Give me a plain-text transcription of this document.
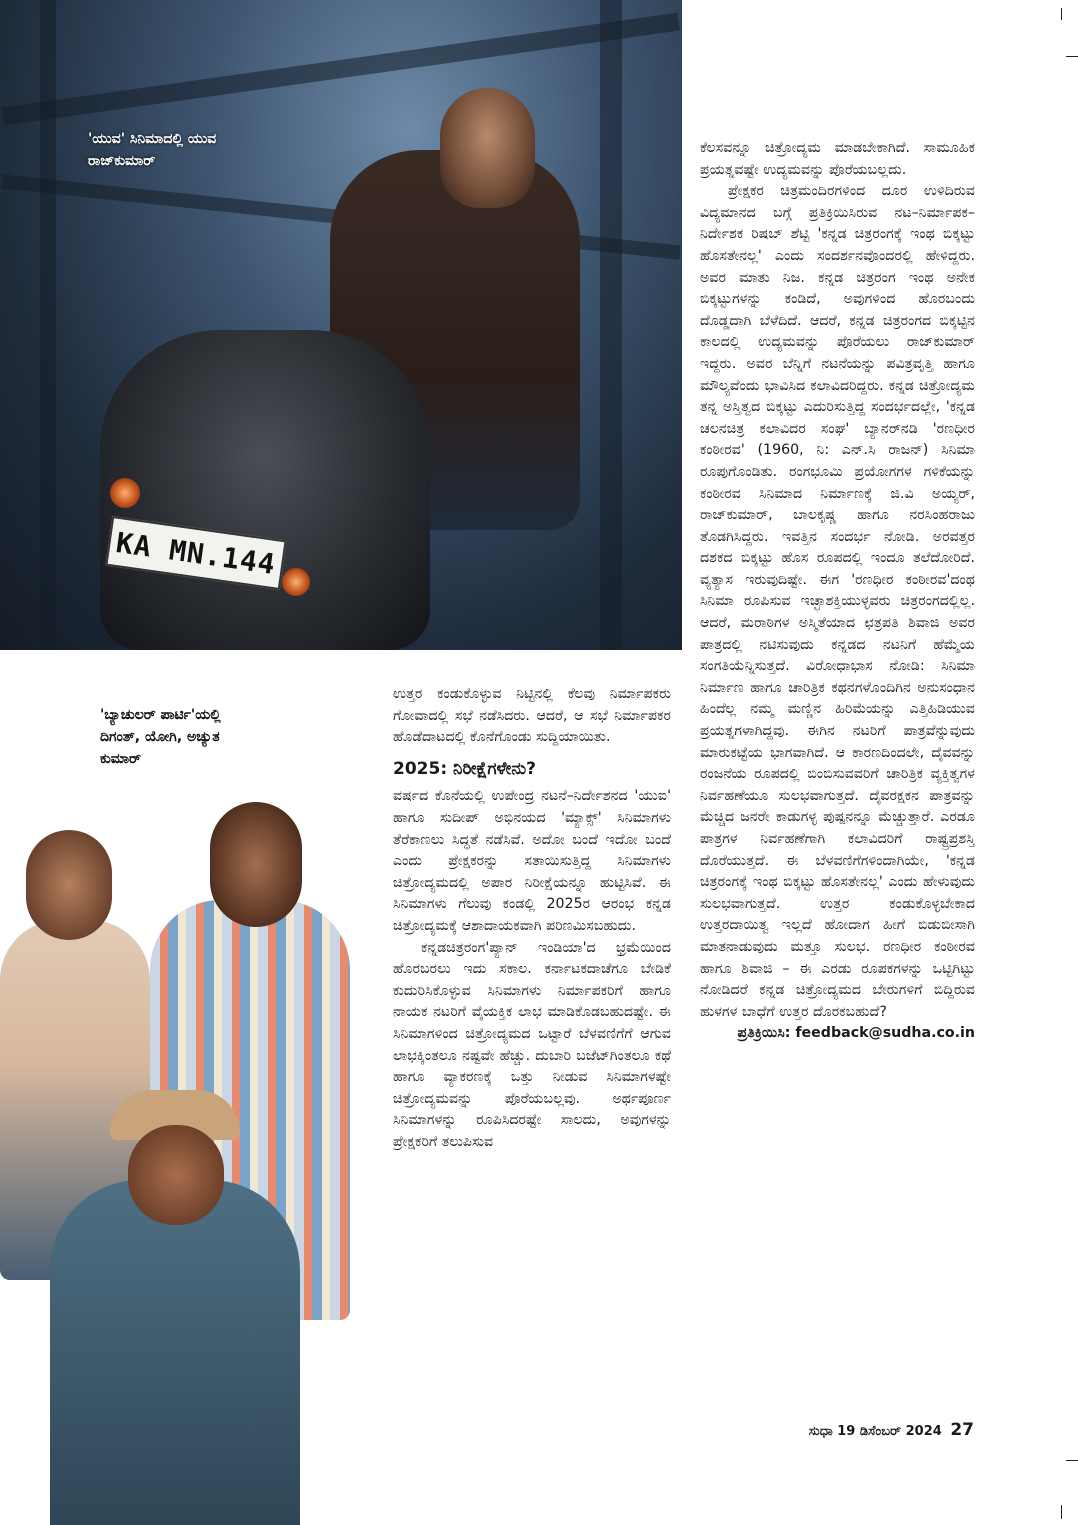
KA MN.144
'ಯುವ' ಸಿನಿಮಾದಲ್ಲಿ ಯುವ ರಾಜ್‌ಕುಮಾರ್
'ಬ್ಯಾಚುಲರ್ ಪಾರ್ಟಿ'ಯಲ್ಲಿ ದಿಗಂತ್, ಯೋಗಿ, ಅಚ್ಯುತ ಕುಮಾರ್

ಕೆಲಸವನ್ನೂ ಚಿತ್ರೋದ್ಯಮ ಮಾಡಬೇಕಾಗಿದೆ. ಸಾಮೂಹಿಕ ಪ್ರಯತ್ನವಷ್ಟೇ ಉದ್ಯಮವನ್ನು ಪೊರೆಯಬಲ್ಲದು.

ಪ್ರೇಕ್ಷಕರ ಚಿತ್ರಮಂದಿರಗಳಿಂದ ದೂರ ಉಳಿದಿರುವ ವಿದ್ಯಮಾನದ ಬಗ್ಗೆ ಪ್ರತಿಕ್ರಿಯಿಸಿರುವ ನಟ–ನಿರ್ಮಾಪಕ–ನಿರ್ದೇಶಕ ರಿಷಬ್ ಶೆಟ್ಟಿ 'ಕನ್ನಡ ಚಿತ್ರರಂಗಕ್ಕೆ ಇಂಥ ಬಿಕ್ಕಟ್ಟು ಹೊಸತೇನಲ್ಲ' ಎಂದು ಸಂದರ್ಶನವೊಂದರಲ್ಲಿ ಹೇಳಿದ್ದರು. ಅವರ ಮಾತು ನಿಜ. ಕನ್ನಡ ಚಿತ್ರರಂಗ ಇಂಥ ಅನೇಕ ಬಿಕ್ಕಟ್ಟುಗಳನ್ನು ಕಂಡಿದೆ, ಅವುಗಳಿಂದ ಹೊರಬಂದು ದೊಡ್ಡದಾಗಿ ಬೆಳೆದಿದೆ. ಆದರೆ, ಕನ್ನಡ ಚಿತ್ರರಂಗದ ಬಿಕ್ಕಟ್ಟಿನ ಕಾಲದಲ್ಲಿ ಉದ್ಯಮವನ್ನು ಪೊರೆಯಲು ರಾಜ್‌ಕುಮಾರ್ ಇದ್ದರು. ಅವರ ಬೆನ್ನಿಗೆ ನಟನೆಯನ್ನು ಪವಿತ್ರವೃತ್ತಿ ಹಾಗೂ ಮೌಲ್ಯವೆಂದು ಭಾವಿಸಿದ ಕಲಾವಿದರಿದ್ದರು. ಕನ್ನಡ ಚಿತ್ರೋದ್ಯಮ ತನ್ನ ಅಸ್ತಿತ್ವದ ಬಿಕ್ಕಟ್ಟು ಎದುರಿಸುತ್ತಿದ್ದ ಸಂದರ್ಭದಲ್ಲೇ, 'ಕನ್ನಡ ಚಲನಚಿತ್ರ ಕಲಾವಿದರ ಸಂಘ' ಬ್ಯಾನರ್‌ನಡಿ 'ರಣಧೀರ ಕಂಠೀರವ' (1960, ನಿ: ಎನ್.ಸಿ ರಾಜನ್) ಸಿನಿಮಾ ರೂಪುಗೊಂಡಿತು. ರಂಗಭೂಮಿ ಪ್ರಯೋಗಗಳ ಗಳಿಕೆಯನ್ನು ಕಂಠೀರವ ಸಿನಿಮಾದ ನಿರ್ಮಾಣಕ್ಕೆ ಜಿ.ವಿ ಅಯ್ಯರ್, ರಾಜ್‌ಕುಮಾರ್, ಬಾಲಕೃಷ್ಣ ಹಾಗೂ ನರಸಿಂಹರಾಜು ತೊಡಗಿಸಿದ್ದರು. ಇವತ್ತಿನ ಸಂದರ್ಭ ನೋಡಿ. ಅರವತ್ತರ ದಶಕದ ಬಿಕ್ಕಟ್ಟು ಹೊಸ ರೂಪದಲ್ಲಿ ಇಂದೂ ತಲೆದೋರಿದೆ. ವ್ಯತ್ಯಾಸ ಇರುವುದಿಷ್ಟೇ. ಈಗ 'ರಣಧೀರ ಕಂಠೀರವ'ದಂಥ ಸಿನಿಮಾ ರೂಪಿಸುವ ಇಚ್ಛಾಶಕ್ತಿಯುಳ್ಳವರು ಚಿತ್ರರಂಗದಲ್ಲಿಲ್ಲ. ಆದರೆ, ಮರಾಠಿಗಳ ಅಸ್ಮಿತೆಯಾದ ಛತ್ರಪತಿ ಶಿವಾಜಿ ಅವರ ಪಾತ್ರದಲ್ಲಿ ನಟಿಸುವುದು ಕನ್ನಡದ ನಟನಿಗೆ ಹೆಮ್ಮೆಯ ಸಂಗತಿಯೆನ್ನಿಸುತ್ತದೆ. ವಿರೋಧಾಭಾಸ ನೋಡಿ: ಸಿನಿಮಾ ನಿರ್ಮಾಣ ಹಾಗೂ ಚಾರಿತ್ರಿಕ ಕಥನಗಳೊಂದಿಗಿನ ಅನುಸಂಧಾನ ಹಿಂದೆಲ್ಲ ನಮ್ಮ ಮಣ್ಣಿನ ಹಿರಿಮೆಯನ್ನು ಎತ್ತಿಹಿಡಿಯುವ ಪ್ರಯತ್ನಗಳಾಗಿದ್ದವು. ಈಗಿನ ನಟರಿಗೆ ಪಾತ್ರವೆನ್ನುವುದು ಮಾರುಕಟ್ಟೆಯ ಭಾಗವಾಗಿದೆ. ಆ ಕಾರಣದಿಂದಲೇ, ದೈವವನ್ನು ರಂಜನೆಯ ರೂಪದಲ್ಲಿ ಬಿಂಬಿಸುವವರಿಗೆ ಚಾರಿತ್ರಿಕ ವ್ಯಕ್ತಿತ್ವಗಳ ನಿರ್ವಹಣೆಯೂ ಸುಲಭವಾಗುತ್ತದೆ. ದೈವರಕ್ಷಕನ ಪಾತ್ರವನ್ನು ಮೆಚ್ಚಿದ ಜನರೇ ಕಾಡುಗಳ್ಳ ಪುಷ್ಪನನ್ನೂ ಮೆಚ್ಚುತ್ತಾರೆ. ಎರಡೂ ಪಾತ್ರಗಳ ನಿರ್ವಹಣೆಗಾಗಿ ಕಲಾವಿದರಿಗೆ ರಾಷ್ಟ್ರಪ್ರಶಸ್ತಿ ದೊರೆಯುತ್ತದೆ. ಈ ಬೆಳವಣಿಗೆಗಳಿಂದಾಗಿಯೇ, 'ಕನ್ನಡ ಚಿತ್ರರಂಗಕ್ಕೆ ಇಂಥ ಬಿಕ್ಕಟ್ಟು ಹೊಸತೇನಲ್ಲ' ಎಂದು ಹೇಳುವುದು ಸುಲಭವಾಗುತ್ತದೆ. ಉತ್ತರ ಕಂಡುಕೊಳ್ಳಬೇಕಾದ ಉತ್ತರದಾಯಿತ್ವ ಇಲ್ಲದೆ ಹೋದಾಗ ಹೀಗೆ ಬಿಡುಬೀಸಾಗಿ ಮಾತನಾಡುವುದು ಮತ್ತೂ ಸುಲಭ. ರಣಧೀರ ಕಂಠೀರವ ಹಾಗೂ ಶಿವಾಜಿ – ಈ ಎರಡು ರೂಪಕಗಳನ್ನು ಒಟ್ಟಿಗಿಟ್ಟು ನೋಡಿದರೆ ಕನ್ನಡ ಚಿತ್ರೋದ್ಯಮದ ಬೇರುಗಳಿಗೆ ಬಿದ್ದಿರುವ ಹುಳಗಳ ಬಾಧೆಗೆ ಉತ್ತರ ದೊರಕಬಹುದೆ?

ಪ್ರತಿಕ್ರಿಯಿಸಿ: feedback@sudha.co.in

ಉತ್ತರ ಕಂಡುಕೊಳ್ಳುವ ನಿಟ್ಟಿನಲ್ಲಿ ಕೆಲವು ನಿರ್ಮಾಪಕರು ಗೋವಾದಲ್ಲಿ ಸಭೆ ನಡೆಸಿದರು. ಆದರೆ, ಆ ಸಭೆ ನಿರ್ಮಾಪಕರ ಹೊಡೆದಾಟದಲ್ಲಿ ಕೊನೆಗೊಂಡು ಸುದ್ದಿಯಾಯಿತು.

2025: ನಿರೀಕ್ಷೆಗಳೇನು?

ವರ್ಷದ ಕೊನೆಯಲ್ಲಿ ಉಪೇಂದ್ರ ನಟನೆ–ನಿರ್ದೇಶನದ 'ಯುಐ' ಹಾಗೂ ಸುದೀಪ್ ಅಭಿನಯದ 'ಮ್ಯಾಕ್ಸ್' ಸಿನಿಮಾಗಳು ತೆರೆಕಾಣಲು ಸಿದ್ಧತೆ ನಡೆಸಿವೆ. ಅದೋ ಬಂದೆ ಇದೋ ಬಂದೆ ಎಂದು ಪ್ರೇಕ್ಷಕರನ್ನು ಸತಾಯಿಸುತ್ತಿದ್ದ ಸಿನಿಮಾಗಳು ಚಿತ್ರೋದ್ಯಮದಲ್ಲಿ ಅಪಾರ ನಿರೀಕ್ಷೆಯನ್ನೂ ಹುಟ್ಟಿಸಿವೆ. ಈ ಸಿನಿಮಾಗಳು ಗೆಲುವು ಕಂಡಲ್ಲಿ 2025ರ ಆರಂಭ ಕನ್ನಡ ಚಿತ್ರೋದ್ಯಮಕ್ಕೆ ಆಶಾದಾಯಕವಾಗಿ ಪರಿಣಮಿಸಬಹುದು.

ಕನ್ನಡಚಿತ್ರರಂಗ'ಪ್ಯಾನ್ ಇಂಡಿಯಾ'ದ ಭ್ರಮೆಯಿಂದ ಹೊರಬರಲು ಇದು ಸಕಾಲ. ಕರ್ನಾಟಕದಾಚೆಗೂ ಬೇಡಿಕೆ ಕುದುರಿಸಿಕೊಳ್ಳುವ ಸಿನಿಮಾಗಳು ನಿರ್ಮಾಪಕರಿಗೆ ಹಾಗೂ ನಾಯಕ ನಟರಿಗೆ ವೈಯಕ್ತಿಕ ಲಾಭ ಮಾಡಿಕೊಡಬಹುದಷ್ಟೇ. ಈ ಸಿನಿಮಾಗಳಿಂದ ಚಿತ್ರೋದ್ಯಮದ ಒಟ್ಟಾರೆ ಬೆಳವಣಿಗೆಗೆ ಆಗುವ ಲಾಭಕ್ಕಿಂತಲೂ ನಷ್ಟವೇ ಹೆಚ್ಚು. ದುಬಾರಿ ಬಜೆಟ್‌ಗಿಂತಲೂ ಕಥೆ ಹಾಗೂ ವ್ಯಾಕರಣಕ್ಕೆ ಒತ್ತು ನೀಡುವ ಸಿನಿಮಾಗಳಷ್ಟೇ ಚಿತ್ರೋದ್ಯಮವನ್ನು ಪೊರೆಯಬಲ್ಲವು. ಅರ್ಥಪೂರ್ಣ ಸಿನಿಮಾಗಳನ್ನು ರೂಪಿಸಿದರಷ್ಟೇ ಸಾಲದು, ಅವುಗಳನ್ನು ಪ್ರೇಕ್ಷಕರಿಗೆ ತಲುಪಿಸುವ

ಸುಧಾ 19 ಡಿಸೆಂಬರ್ 2024 27
